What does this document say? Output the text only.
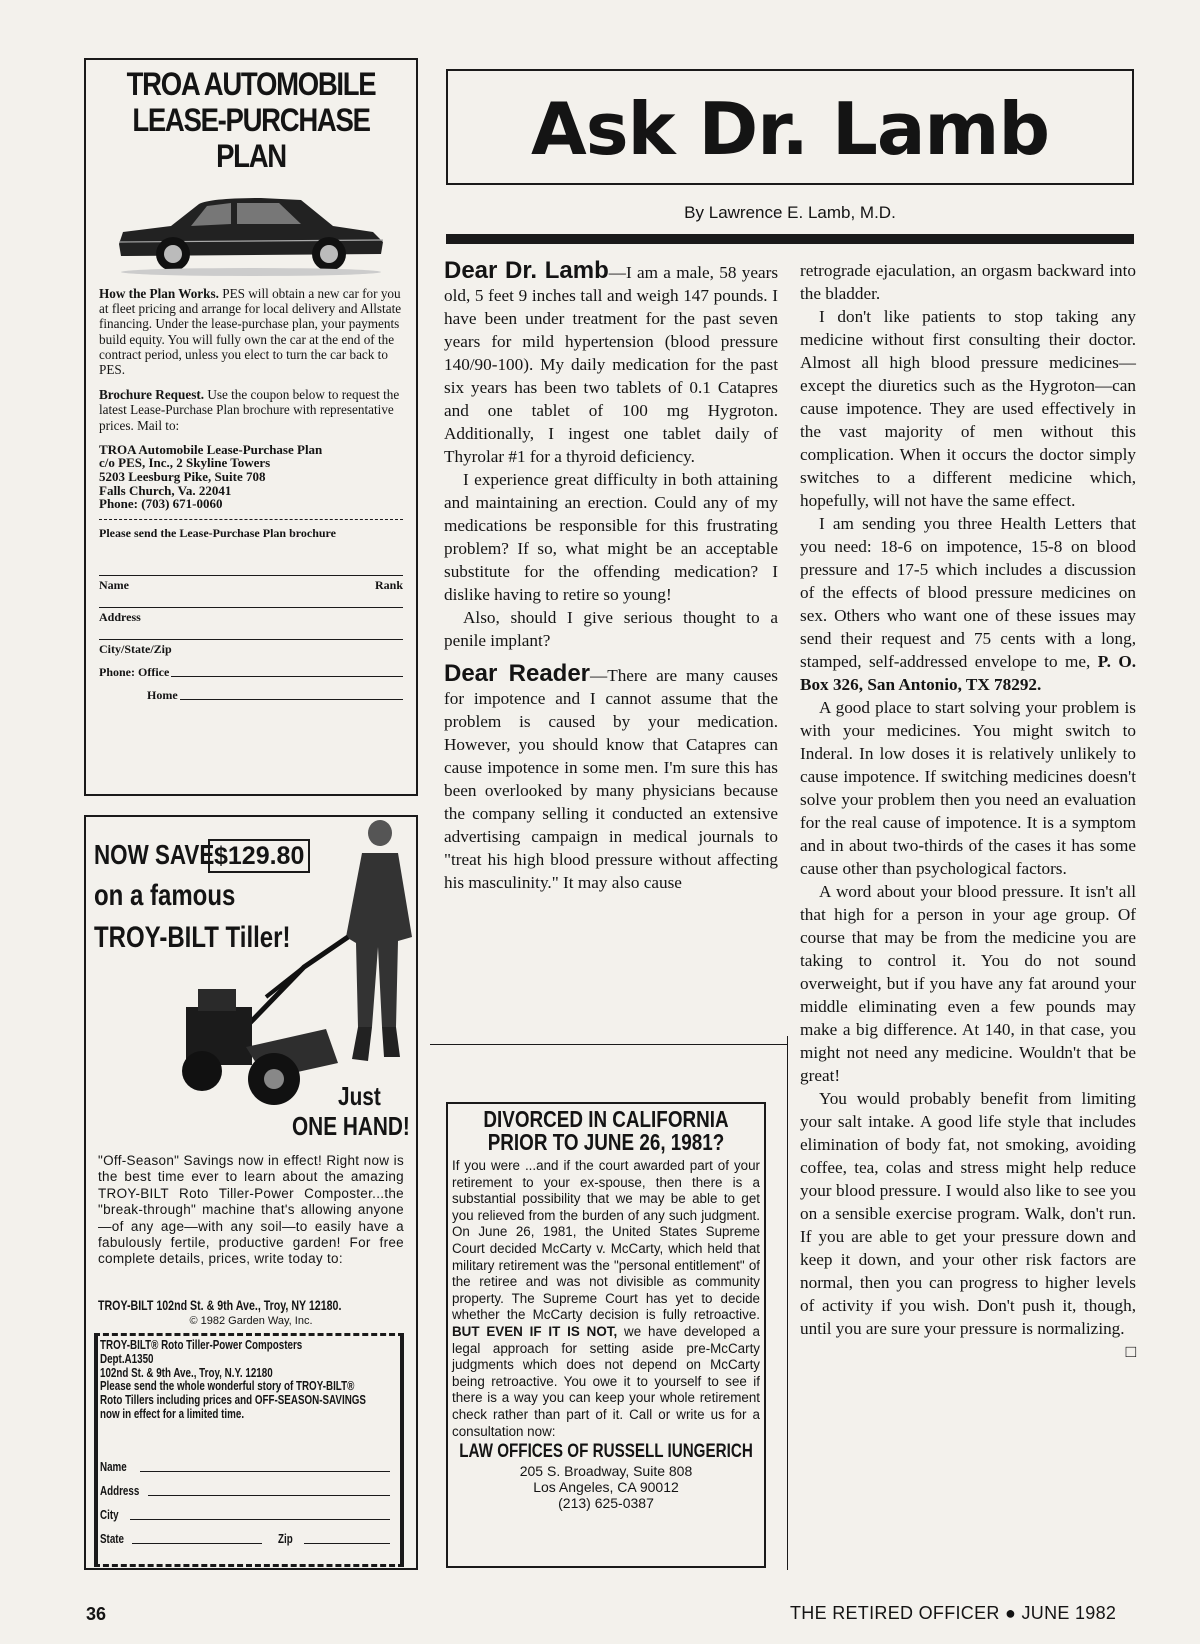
TROA AUTOMOBILE
LEASE-PURCHASE PLAN

How the Plan Works. PES will obtain a new car for you at fleet pricing and arrange for local delivery and Allstate financing. Under the lease-purchase plan, your payments build equity. You will fully own the car at the end of the contract period, unless you elect to turn the car back to PES.

Brochure Request. Use the coupon below to request the latest Lease-Purchase Plan brochure with representative prices. Mail to:

TROA Automobile Lease-Purchase Plan
c/o PES, Inc., 2 Skyline Towers
5203 Leesburg Pike, Suite 708
Falls Church, Va. 22041
Phone: (703) 671-0060
Please send the Lease-Purchase Plan brochure
Name	Rank
Address
City/State/Zip
Phone: Office
Home
NOW SAVE $129.80
on a famous
TROY-BILT Tiller!
Just
ONE HAND!
"Off-Season" Savings now in effect! Right now is the best time ever to learn about the amazing TROY-BILT Roto Tiller-Power Composter...the "break-through" machine that's allowing anyone —of any age—with any soil—to easily have a fabulously fertile, productive garden! For free complete details, prices, write today to:
TROY-BILT 102nd St. & 9th Ave., Troy, NY 12180.
© 1982 Garden Way, Inc.
TROY-BILT® Roto Tiller-Power Composters
Dept.A1350
102nd St. & 9th Ave., Troy, N.Y. 12180
Please send the whole wonderful story of TROY-BILT®
Roto Tillers including prices and OFF-SEASON-SAVINGS
now in effect for a limited time.
Name
Address
City
State	Zip
Ask Dr. Lamb
By Lawrence E. Lamb, M.D.

Dear Dr. Lamb—I am a male, 58 years old, 5 feet 9 inches tall and weigh 147 pounds. I have been under treatment for the past seven years for mild hypertension (blood pressure 140/90-100). My daily medication for the past six years has been two tablets of 0.1 Catapres and one tablet of 100 mg Hygroton. Additionally, I ingest one tablet daily of Thyrolar #1 for a thyroid deficiency.

I experience great difficulty in both attaining and maintaining an erection. Could any of my medications be responsible for this frustrating problem? If so, what might be an acceptable substitute for the offending medication? I dislike having to retire so young!

Also, should I give serious thought to a penile implant?

Dear Reader—There are many causes for impotence and I cannot assume that the problem is caused by your medication. However, you should know that Catapres can cause impotence in some men. I'm sure this has been overlooked by many physicians because the company selling it conducted an extensive advertising campaign in medical journals to "treat his high blood pressure without affecting his masculinity." It may also cause

retrograde ejaculation, an orgasm backward into the bladder.

I don't like patients to stop taking any medicine without first consulting their doctor. Almost all high blood pressure medicines—except the diuretics such as the Hygroton—can cause impotence. They are used effectively in the vast majority of men without this complication. When it occurs the doctor simply switches to a different medicine which, hopefully, will not have the same effect.

I am sending you three Health Letters that you need: 18-6 on impotence, 15-8 on blood pressure and 17-5 which includes a discussion of the effects of blood pressure medicines on sex. Others who want one of these issues may send their request and 75 cents with a long, stamped, self-addressed envelope to me, P. O. Box 326, San Antonio, TX 78292.

A good place to start solving your problem is with your medicines. You might switch to Inderal. In low doses it is relatively unlikely to cause impotence. If switching medicines doesn't solve your problem then you need an evaluation for the real cause of impotence. It is a symptom and in about two-thirds of the cases it has some cause other than psychological factors.

A word about your blood pressure. It isn't all that high for a person in your age group. Of course that may be from the medicine you are taking to control it. You do not sound overweight, but if you have any fat around your middle eliminating even a few pounds may make a big difference. At 140, in that case, you might not need any medicine. Wouldn't that be great!

You would probably benefit from limiting your salt intake. A good life style that includes elimination of body fat, not smoking, avoiding coffee, tea, colas and stress might help reduce your blood pressure. I would also like to see you on a sensible exercise program. Walk, don't run. If you are able to get your pressure down and keep it down, and your other risk factors are normal, then you can progress to higher levels of activity if you wish. Don't push it, though, until you are sure your pressure is normalizing.
□

DIVORCED IN CALIFORNIA
PRIOR TO JUNE 26, 1981?
If you were ...and if the court awarded part of your retirement to your ex-spouse, then there is a substantial possibility that we may be able to get you relieved from the burden of any such judgment. On June 26, 1981, the United States Supreme Court decided McCarty v. McCarty, which held that military retirement was the "personal entitlement" of the retiree and was not divisible as community property. The Supreme Court has yet to decide whether the McCarty decision is fully retroactive. BUT EVEN IF IT IS NOT, we have developed a legal approach for setting aside pre-McCarty judgments which does not depend on McCarty being retroactive. You owe it to yourself to see if there is a way you can keep your whole retirement check rather than part of it. Call or write us for a consultation now:
LAW OFFICES OF RUSSELL IUNGERICH
205 S. Broadway, Suite 808
Los Angeles, CA 90012
(213) 625-0387
36	THE RETIRED OFFICER ● JUNE 1982
